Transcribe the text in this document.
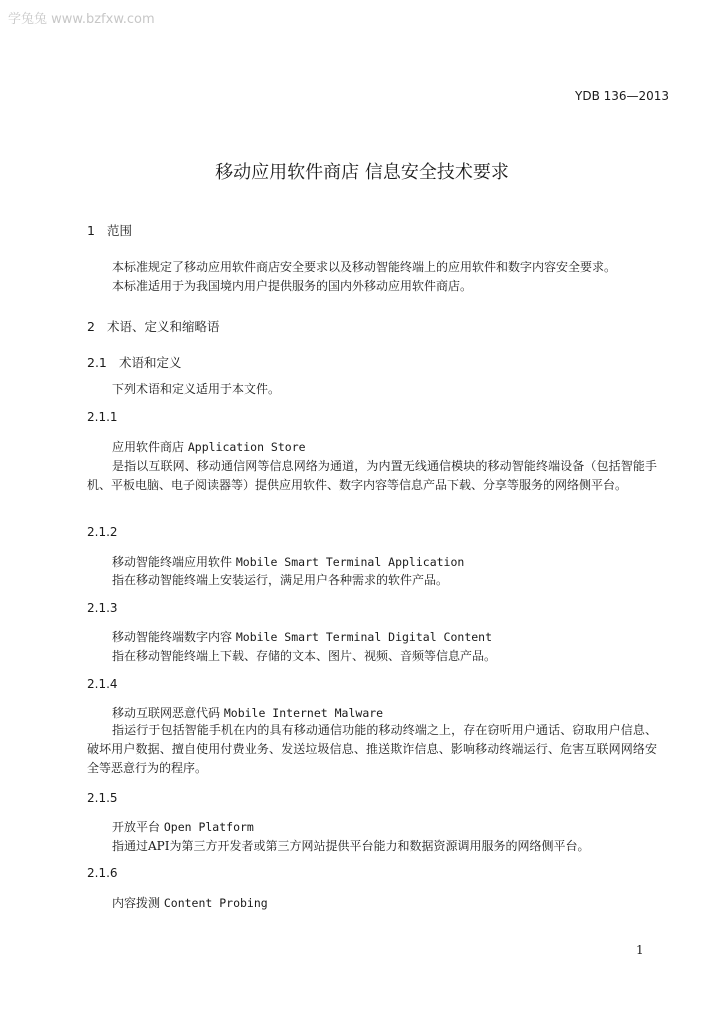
学兔兔 www.bzfxw.com
YDB 136—2013
移动应用软件商店 信息安全技术要求
1 范围
本标准规定了移动应用软件商店安全要求以及移动智能终端上的应用软件和数字内容安全要求。
本标准适用于为我国境内用户提供服务的国内外移动应用软件商店。
2 术语、定义和缩略语
2.1 术语和定义
下列术语和定义适用于本文件。
2.1.1
应用软件商店 Application Store
是指以互联网、移动通信网等信息网络为通道，为内置无线通信模块的移动智能终端设备（包括智能手机、平板电脑、电子阅读器等）提供应用软件、数字内容等信息产品下载、分享等服务的网络侧平台。
2.1.2
移动智能终端应用软件 Mobile Smart Terminal Application
指在移动智能终端上安装运行，满足用户各种需求的软件产品。
2.1.3
移动智能终端数字内容 Mobile Smart Terminal Digital Content
指在移动智能终端上下载、存储的文本、图片、视频、音频等信息产品。
2.1.4
移动互联网恶意代码 Mobile Internet Malware
指运行于包括智能手机在内的具有移动通信功能的移动终端之上，存在窃听用户通话、窃取用户信息、破坏用户数据、擅自使用付费业务、发送垃圾信息、推送欺诈信息、影响移动终端运行、危害互联网网络安全等恶意行为的程序。
2.1.5
开放平台 Open Platform
指通过API为第三方开发者或第三方网站提供平台能力和数据资源调用服务的网络侧平台。
2.1.6
内容拨测 Content Probing
1
